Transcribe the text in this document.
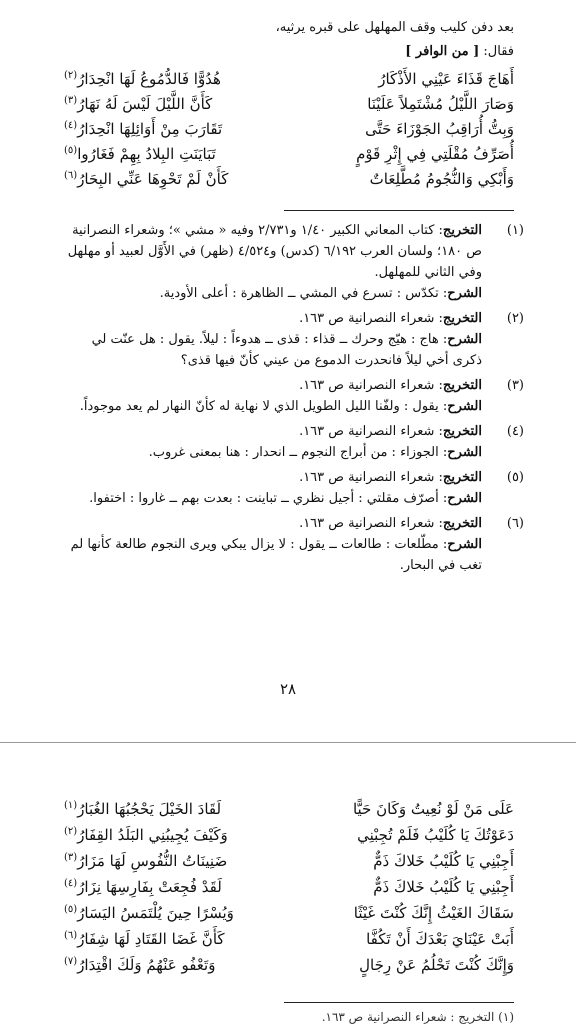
بعد دفن كليب وقف المهلهل على قبره يرثيه،
فقال: [ من الوافر ]
أَهَاجَ قَذَاءَ عَيْنِي الأَذْكَارُ
هُدُوًّا فَالدُّمُوعُ لَهَا انْحِدَارُ$^{(٢)}$
وَصَارَ اللَّيْلُ مُشْتَمِلاً عَلَيْنَا
كَأَنَّ اللَّيْلَ لَيْسَ لَهُ نَهَارُ$^{(٣)}$
وَبِتُّ أُرَاقِبُ الجَوْزَاءَ حَتَّى
تَقَارَبَ مِنْ أَوَائِلِهَا انْحِدَارُ$^{(٤)}$
أُصَرِّفُ مُقْلَتِي فِي إِثْرِ قَوْمٍ
تَبَايَنَتِ البِلادُ بِهِمْ فَغَارُوا$^{(٥)}$
وَأَبْكِي وَالنُّجُومُ مُطَّلِعَاتٌ
كَأَنْ لَمْ تَحْوِهَا عَنِّي البِحَارُ$^{(٦)}$
(١)
التخريج: كتاب المعاني الكبير ١/٤٠ و٢/٧٣١ وفيه « مشي »؛ وشعراء النصرانية ص ١٨٠؛ ولسان العرب ٦/١٩٢ (كدس) و٤/٥٢٤ (ظهر) في الأَوَّل لعبيد أو مهلهل وفي الثاني للمهلهل.
الشرح: تكدّس : تسرع في المشي ــ الظاهرة : أعلى الأودية.
(٢)
التخريج: شعراء النصرانية ص ١٦٣.
الشرح: هاج : هيّج وحرك ــ قذاء : قذى ــ هدوءاً : ليلاً. يقول : هل عنّت لي ذكرى أخي ليلاً فانحدرت الدموع من عيني كأنّ فيها قذى؟
(٣)
التخريج: شعراء النصرانية ص ١٦٣.
الشرح: يقول : ولفّنا الليل الطويل الذي لا نهاية له كأنّ النهار لم يعد موجوداً.
(٤)
التخريج: شعراء النصرانية ص ١٦٣.
الشرح: الجوزاء : من أبراج النجوم ــ انحدار : هنا بمعنى غروب.
(٥)
التخريج: شعراء النصرانية ص ١٦٣.
الشرح: أصرّف مقلتي : أجيل نظري ــ تباينت : بعدت بهم ــ غاروا : اختفوا.
(٦)
التخريج: شعراء النصرانية ص ١٦٣.
الشرح: مطّلعات : طالعات ــ يقول : لا يزال يبكي ويرى النجوم طالعة كأنها لم تغب في البحار.
٢٨
عَلَى مَنْ لَوْ نُعِيتُ وَكَانَ حَيًّا
لَقَادَ الخَيْلَ يَحْجُبُهَا الغُبَارُ$^{(١)}$
دَعَوْتُكَ يَا كُلَيْبُ فَلَمْ تُجِبْنِي
وَكَيْفَ يُجِيبُنِي البَلَدُ القِفَارُ$^{(٢)}$
أَجِبْنِي يَا كُلَيْبُ خَلاكَ ذَمٌّ
ضَنِينَاتُ النُّفُوسِ لَهَا مَزَارُ$^{(٣)}$
أَجِبْنِي يَا كُلَيْبُ خَلاكَ ذَمٌّ
لَقَدْ فُجِعَتْ بِفَارِسِهَا نِزَارُ$^{(٤)}$
سَقَاكَ الغَيْثُ إِنَّكَ كُنْتَ غَيْثًا
وَيُسْرًا حِينَ يُلْتَمَسُ اليَسَارُ$^{(٥)}$
أَبَتْ عَيْنَايَ بَعْدَكَ أَنْ تَكُفَّا
كَأَنَّ غَضَا القَتَادِ لَهَا شِفَارُ$^{(٦)}$
وَإِنَّكَ كُنْتَ تَحْلُمُ عَنْ رِجَالٍ
وَتَعْفُو عَنْهُمُ وَلَكَ اقْتِدَارُ$^{(٧)}$
(١) التخريج : شعراء النصرانية ص ١٦٣.
